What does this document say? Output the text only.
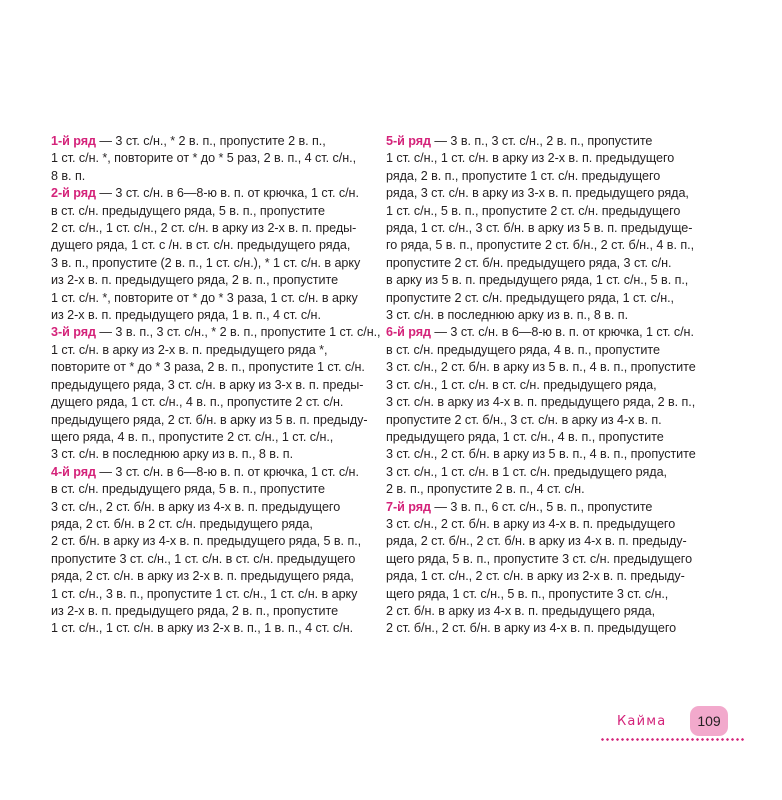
1-й ряд — 3 ст. с/н., * 2 в. п., пропустите 2 в. п.,
1 ст. с/н. *, повторите от * до * 5 раз, 2 в. п., 4 ст. с/н.,
8 в. п.
2-й ряд — 3 ст. с/н. в 6—8-ю в. п. от крючка, 1 ст. с/н.
в ст. с/н. предыдущего ряда, 5 в. п., пропустите
2 ст. с/н., 1 ст. с/н., 2 ст. с/н. в арку из 2-х в. п. преды-
дущего ряда, 1 ст. с /н. в ст. с/н. предыдущего ряда,
3 в. п., пропустите (2 в. п., 1 ст. с/н.), * 1 ст. с/н. в арку
из 2-х в. п. предыдущего ряда, 2 в. п., пропустите
1 ст. с/н. *, повторите от * до * 3 раза, 1 ст. с/н. в арку
из 2-х в. п. предыдущего ряда, 1 в. п., 4 ст. с/н.
3-й ряд — 3 в. п., 3 ст. с/н., * 2 в. п., пропустите 1 ст. с/н.,
1 ст. с/н. в арку из 2-х в. п. предыдущего ряда *,
повторите от * до * 3 раза, 2 в. п., пропустите 1 ст. с/н.
предыдущего ряда, 3 ст. с/н. в арку из 3-х в. п. преды-
дущего ряда, 1 ст. с/н., 4 в. п., пропустите 2 ст. с/н.
предыдущего ряда, 2 ст. б/н. в арку из 5 в. п. предыду-
щего ряда, 4 в. п., пропустите 2 ст. с/н., 1 ст. с/н.,
3 ст. с/н. в последнюю арку из в. п., 8 в. п.
4-й ряд — 3 ст. с/н. в 6—8-ю в. п. от крючка, 1 ст. с/н.
в ст. с/н. предыдущего ряда, 5 в. п., пропустите
3 ст. с/н., 2 ст. б/н. в арку из 4-х в. п. предыдущего
ряда, 2 ст. б/н. в 2 ст. с/н. предыдущего ряда,
2 ст. б/н. в арку из 4-х в. п. предыдущего ряда, 5 в. п.,
пропустите 3 ст. с/н., 1 ст. с/н. в ст. с/н. предыдущего
ряда, 2 ст. с/н. в арку из 2-х в. п. предыдущего ряда,
1 ст. с/н., 3 в. п., пропустите 1 ст. с/н., 1 ст. с/н. в арку
из 2-х в. п. предыдущего ряда, 2 в. п., пропустите
1 ст. с/н., 1 ст. с/н. в арку из 2-х в. п., 1 в. п., 4 ст. с/н.
5-й ряд — 3 в. п., 3 ст. с/н., 2 в. п., пропустите
1 ст. с/н., 1 ст. с/н. в арку из 2-х в. п. предыдущего
ряда, 2 в. п., пропустите 1 ст. с/н. предыдущего
ряда, 3 ст. с/н. в арку из 3-х в. п. предыдущего ряда,
1 ст. с/н., 5 в. п., пропустите 2 ст. с/н. предыдущего
ряда, 1 ст. с/н., 3 ст. б/н. в арку из 5 в. п. предыдуще-
го ряда, 5 в. п., пропустите 2 ст. б/н., 2 ст. б/н., 4 в. п.,
пропустите 2 ст. б/н. предыдущего ряда, 3 ст. с/н.
в арку из 5 в. п. предыдущего ряда, 1 ст. с/н., 5 в. п.,
пропустите 2 ст. с/н. предыдущего ряда, 1 ст. с/н.,
3 ст. с/н. в последнюю арку из в. п., 8 в. п.
6-й ряд — 3 ст. с/н. в 6—8-ю в. п. от крючка, 1 ст. с/н.
в ст. с/н. предыдущего ряда, 4 в. п., пропустите
3 ст. с/н., 2 ст. б/н. в арку из 5 в. п., 4 в. п., пропустите
3 ст. с/н., 1 ст. с/н. в ст. с/н. предыдущего ряда,
3 ст. с/н. в арку из 4-х в. п. предыдущего ряда, 2 в. п.,
пропустите 2 ст. б/н., 3 ст. с/н. в арку из 4-х в. п.
предыдущего ряда, 1 ст. с/н., 4 в. п., пропустите
3 ст. с/н., 2 ст. б/н. в арку из 5 в. п., 4 в. п., пропустите
3 ст. с/н., 1 ст. с/н. в 1 ст. с/н. предыдущего ряда,
2 в. п., пропустите 2 в. п., 4 ст. с/н.
7-й ряд — 3 в. п., 6 ст. с/н., 5 в. п., пропустите
3 ст. с/н., 2 ст. б/н. в арку из 4-х в. п. предыдущего
ряда, 2 ст. б/н., 2 ст. б/н. в арку из 4-х в. п. предыду-
щего ряда, 5 в. п., пропустите 3 ст. с/н. предыдущего
ряда, 1 ст. с/н., 2 ст. с/н. в арку из 2-х в. п. предыду-
щего ряда, 1 ст. с/н., 5 в. п., пропустите 3 ст. с/н.,
2 ст. б/н. в арку из 4-х в. п. предыдущего ряда,
2 ст. б/н., 2 ст. б/н. в арку из 4-х в. п. предыдущего
Кайма 109
